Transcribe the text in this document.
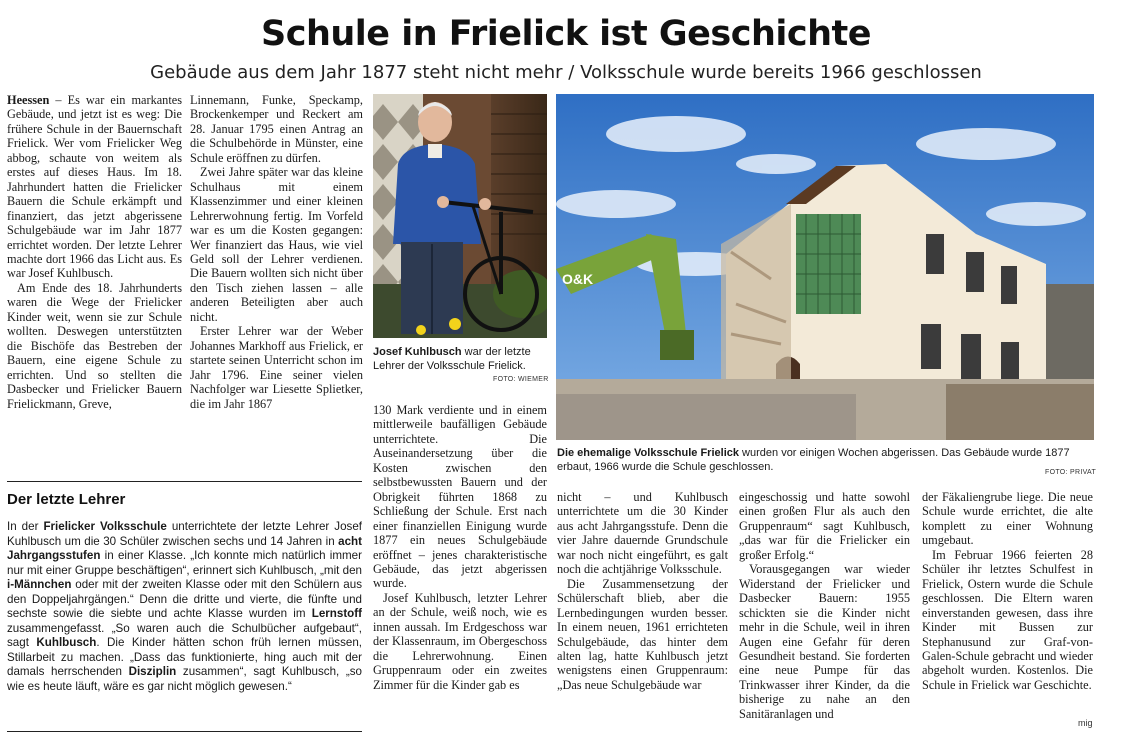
Schule in Frielick ist Geschichte
Gebäude aus dem Jahr 1877 steht nicht mehr / Volksschule wurde bereits 1966 geschlossen

Heessen – Es war ein markantes Gebäude, und jetzt ist es weg: Die frühere Schule in der Bauernschaft Frielick. Wer vom Frielicker Weg abbog, schaute von weitem als erstes auf dieses Haus. Im 18. Jahrhundert hatten die Frielicker Bauern die Schule erkämpft und finanziert, das jetzt abgerissene Schulgebäude war im Jahr 1877 errichtet worden. Der letzte Lehrer machte dort 1966 das Licht aus. Es war Josef Kuhlbusch.

Am Ende des 18. Jahrhunderts waren die Wege der Frielicker Kinder weit, wenn sie zur Schule wollten. Deswegen unterstützten die Bischöfe das Bestreben der Bauern, eine eigene Schule zu errichten. Und so stellten die Dasbecker und Frielicker Bauern Frielickmann, Greve,

Linnemann, Funke, Speckamp, Brockenkemper und Reckert am 28. Januar 1795 einen Antrag an die Schulbehörde in Münster, eine Schule eröffnen zu dürfen.

Zwei Jahre später war das kleine Schulhaus mit einem Klassenzimmer und einer kleinen Lehrerwohnung fertig. Im Vorfeld war es um die Kosten gegangen: Wer finanziert das Haus, wie viel Geld soll der Lehrer verdienen. Die Bauern wollten sich nicht über den Tisch ziehen lassen – alle anderen Beteiligten aber auch nicht.

Erster Lehrer war der Weber Johannes Markhoff aus Frielick, er startete seinen Unterricht schon im Jahr 1796. Eine seiner vielen Nachfolger war Liesette Splietker, die im Jahr 1867

Der letzte Lehrer

In der Frielicker Volksschule unterrichtete der letzte Lehrer Josef Kuhlbusch um die 30 Schüler zwischen sechs und 14 Jahren in acht Jahrgangsstufen in einer Klasse. „Ich konnte mich natürlich immer nur mit einer Gruppe beschäftigen“, erinnert sich Kuhlbusch, „mit den i-Männchen oder mit der zweiten Klasse oder mit den Schülern aus den Doppeljahrgängen.“ Denn die dritte und vierte, die fünfte und sechste sowie die siebte und achte Klasse wurden im Lernstoff zusammengefasst. „So waren auch die Schulbücher aufgebaut“, sagt Kuhlbusch. Die Kinder hätten schon früh lernen müssen, Stillarbeit zu machen. „Dass das funktionierte, hing auch mit der damals herrschenden Disziplin zusammen“, sagt Kuhlbusch, „so wie es heute läuft, wäre es gar nicht möglich gewesen.“

Josef Kuhlbusch war der letzte Lehrer der Volksschule Frielick.
FOTO: WIEMER

130 Mark verdiente und in einem mittlerweile baufälligen Gebäude unterrichtete. Die Auseinandersetzung über die Kosten zwischen den selbstbewussten Bauern und der Obrigkeit führten 1868 zu Schließung der Schule. Erst nach einer finanziellen Einigung wurde 1877 ein neues Schulgebäude eröffnet – jenes charakteristische Gebäude, das jetzt abgerissen wurde.

Josef Kuhlbusch, letzter Lehrer an der Schule, weiß noch, wie es innen aussah. Im Erdgeschoss war der Klassenraum, im Obergeschoss die Lehrerwohnung. Einen Gruppenraum oder ein zweites Zimmer für die Kinder gab es

O&K
Die ehemalige Volksschule Frielick wurden vor einigen Wochen abgerissen. Das Gebäude wurde 1877 erbaut, 1966 wurde die Schule geschlossen.	FOTO: PRIVAT

nicht – und Kuhlbusch unterrichtete um die 30 Kinder aus acht Jahrgangsstufe. Denn die vier Jahre dauernde Grundschule war noch nicht eingeführt, es galt noch die achtjährige Volksschule.

Die Zusammensetzung der Schülerschaft blieb, aber die Lernbedingungen wurden besser. In einem neuen, 1961 errichteten Schulgebäude, das hinter dem alten lag, hatte Kuhlbusch jetzt wenigstens einen Gruppenraum: „Das neue Schulgebäude war

eingeschossig und hatte sowohl einen großen Flur als auch den Gruppenraum“ sagt Kuhlbusch, „das war für die Frielicker ein großer Erfolg.“

Vorausgegangen war wieder Widerstand der Frielicker und Dasbecker Bauern: 1955 schickten sie die Kinder nicht mehr in die Schule, weil in ihren Augen eine Gefahr für deren Gesundheit bestand. Sie forderten eine neue Pumpe für das Trinkwasser ihrer Kinder, da die bisherige zu nahe an den Sanitäranlagen und

der Fäkaliengrube liege. Die neue Schule wurde errichtet, die alte komplett zu einer Wohnung umgebaut.

Im Februar 1966 feierten 28 Schüler ihr letztes Schulfest in Frielick, Ostern wurde die Schule geschlossen. Die Eltern waren einverstanden gewesen, dass ihre Kinder mit Bussen zur Stephanusund zur Graf-von-Galen-Schule gebracht und wieder abgeholt wurden. Kostenlos. Die Schule in Frielick war Geschichte.

mig
